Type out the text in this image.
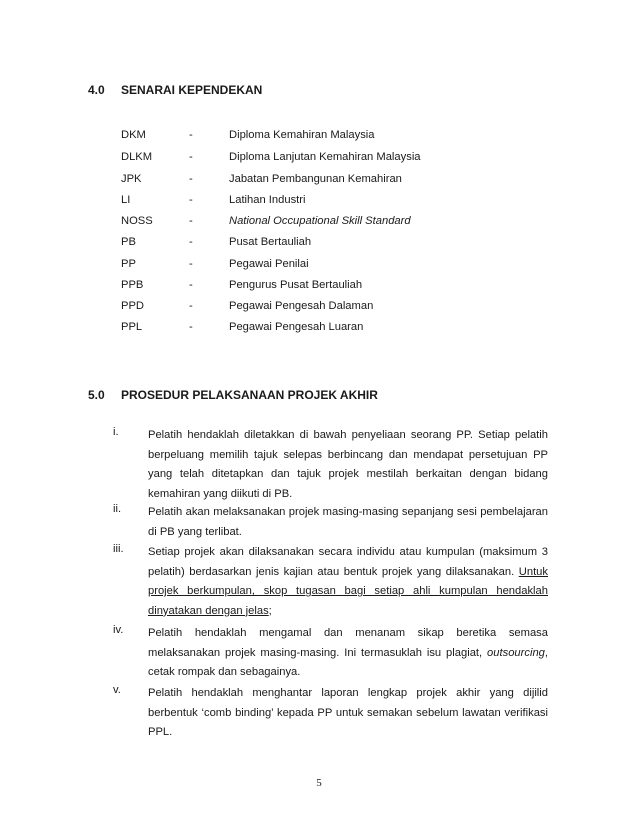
4.0 SENARAI KEPENDEKAN
DKM	-	Diploma Kemahiran Malaysia
DLKM	-	Diploma Lanjutan Kemahiran Malaysia
JPK	-	Jabatan Pembangunan Kemahiran
LI	-	Latihan Industri
NOSS	-	National Occupational Skill Standard
PB	-	Pusat Bertauliah
PP	-	Pegawai Penilai
PPB	-	Pengurus Pusat Bertauliah
PPD	-	Pegawai Pengesah Dalaman
PPL	-	Pegawai Pengesah Luaran
5.0 PROSEDUR PELAKSANAAN PROJEK AKHIR
i.	Pelatih hendaklah diletakkan di bawah penyeliaan seorang PP. Setiap pelatih berpeluang memilih tajuk selepas berbincang dan mendapat persetujuan PP yang telah ditetapkan dan tajuk projek mestilah berkaitan dengan bidang kemahiran yang diikuti di PB.
ii. Pelatih akan melaksanakan projek masing-masing sepanjang sesi pembelajaran di PB yang terlibat.
iii. Setiap projek akan dilaksanakan secara individu atau kumpulan (maksimum 3 pelatih) berdasarkan jenis kajian atau bentuk projek yang dilaksanakan. Untuk projek berkumpulan, skop tugasan bagi setiap ahli kumpulan hendaklah dinyatakan dengan jelas;
iv. Pelatih hendaklah mengamal dan menanam sikap beretika semasa melaksanakan projek masing-masing. Ini termasuklah isu plagiat, outsourcing, cetak rompak dan sebagainya.
v. Pelatih hendaklah menghantar laporan lengkap projek akhir yang dijilid berbentuk ‘comb binding’ kepada PP untuk semakan sebelum lawatan verifikasi PPL.
5
